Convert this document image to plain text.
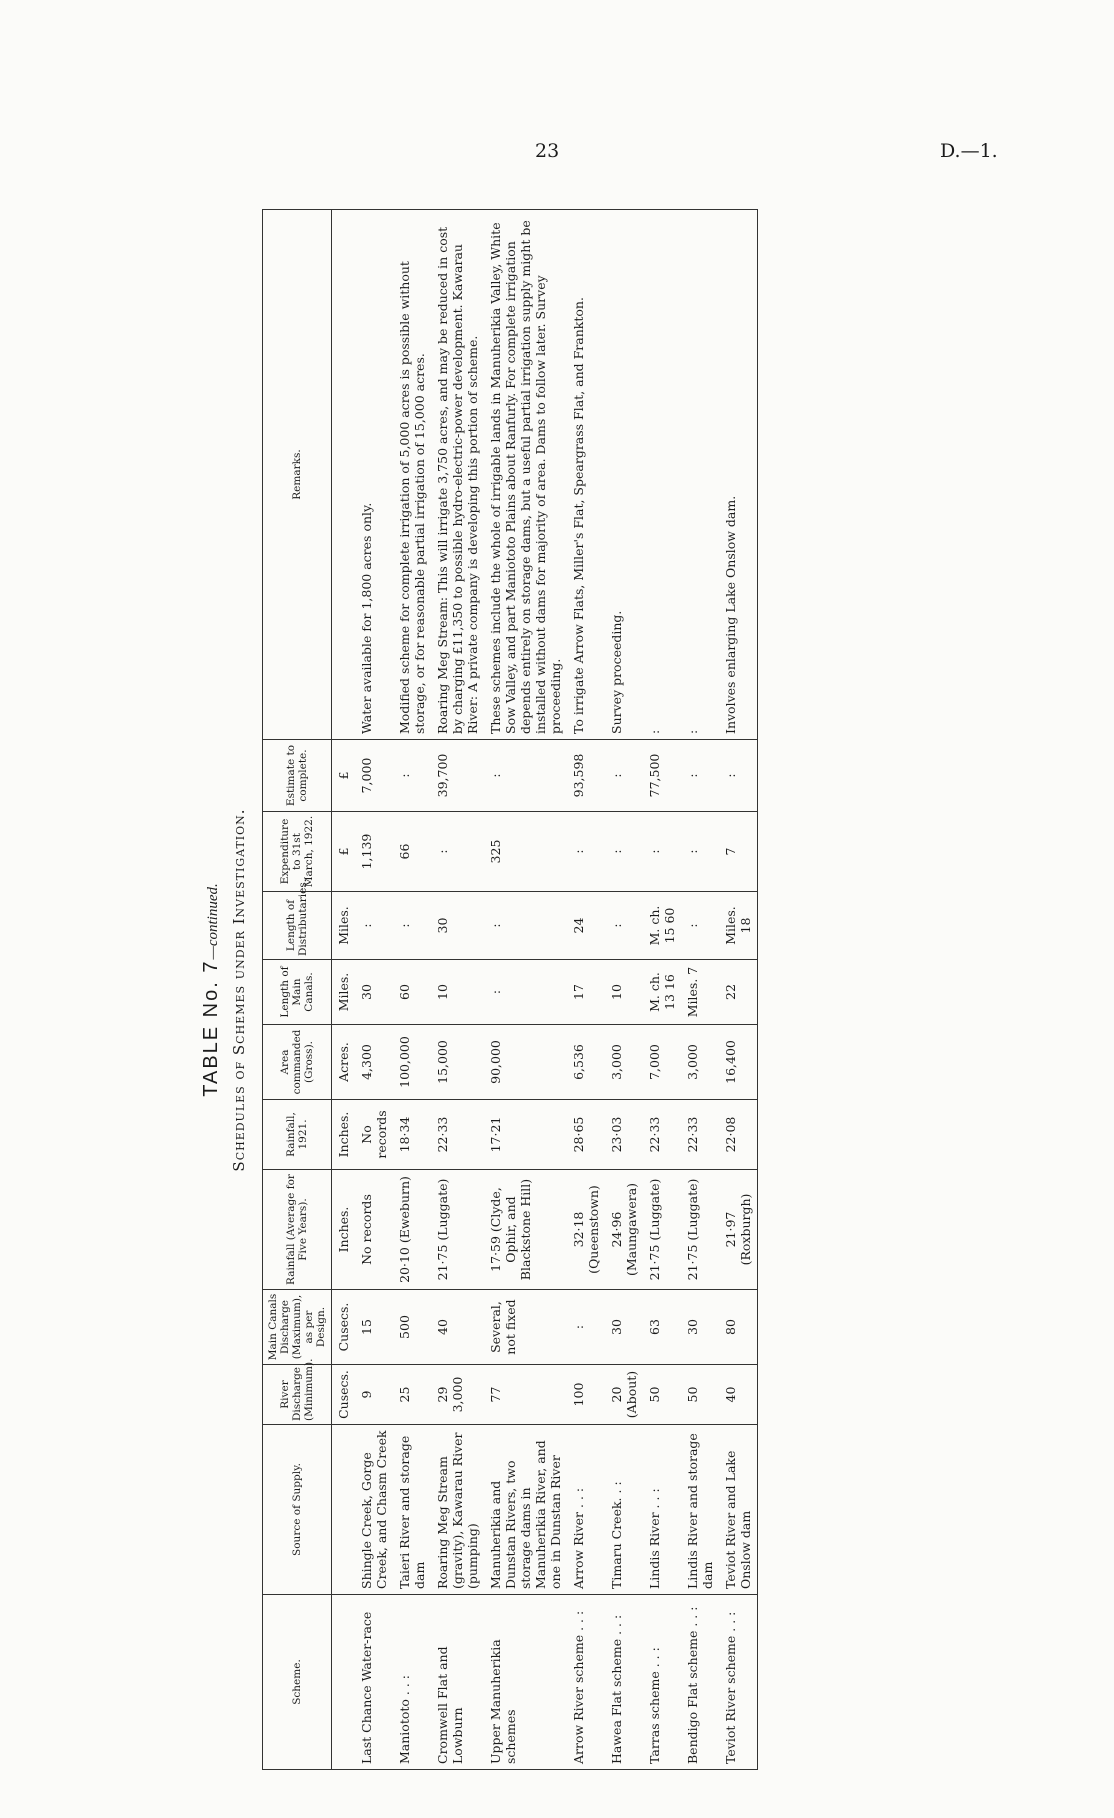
23	D.—1.
TABLE No. 7—continued. Schedules of Schemes under Investigation.
Scheme.	Source of Supply.	River Discharge (Minimum).	Main Canals Discharge (Maximum), as per Design.	Rainfall (Average for Five Years).	Rainfall, 1921.	Area commanded (Gross).	Length of Main Canals.	Length of Distributaries.	Expenditure to 31st March, 1922.	Estimate to complete.	Remarks.
		Cusecs.	Cusecs.	Inches.	Inches.	Acres.	Miles.	Miles.	£	£	
Last Chance Water-race	Shingle Creek, Gorge Creek, and Chasm Creek	9	15	No records	No records	4,300	30	:	1,139	7,000	Water available for 1,800 acres only.
Maniototo . . :	Taieri River and storage dam	25	500	20·10 (Eweburn)	18·34	100,000	60	:	66	:	Modified scheme for complete irrigation of 5,000 acres is possible without storage, or for reasonable partial irrigation of 15,000 acres.
Cromwell Flat and Lowburn	Roaring Meg Stream (gravity), Kawarau River (pumping)	29 3,000	40	21·75 (Luggate)	22·33	15,000	10	30	:	39,700	Roaring Meg Stream: This will irrigate 3,750 acres, and may be reduced in cost by charging £11,350 to possible hydro-electric-power development. Kawarau River: A private company is developing this portion of scheme.
Upper Manuherikia schemes	Manuherikia and Dunstan Rivers, two storage dams in Manuherikia River, and one in Dunstan River	77	Several, not fixed	17·59 (Clyde, Ophir, and Blackstone Hill)	17·21	90,000	:	:	325	:	These schemes include the whole of irrigable lands in Manuherikia Valley, White Sow Valley, and part Maniototo Plains about Ranfurly. For complete irrigation depends entirely on storage dams, but a useful partial irrigation supply might be installed without dams for majority of area. Dams to follow later. Survey proceeding.
Arrow River scheme . . :	Arrow River . . :	100	:	32·18 (Queenstown)	28·65	6,536	17	24	:	93,598	To irrigate Arrow Flats, Miller's Flat, Speargrass Flat, and Frankton.
Hawea Flat scheme . . :	Timaru Creek. . :	20 (About)	30	24·96 (Maungawera)	23·03	3,000	10	:	:	:	Survey proceeding.
Tarras scheme . . :	Lindis River . . :	50	63	21·75 (Luggate)	22·33	7,000	M. ch. 13 16	M. ch. 15 60	:	77,500	:
Bendigo Flat scheme . . :	Lindis River and storage dam	50	30	21·75 (Luggate)	22·33	3,000	Miles. 7	:	:	:	:
Teviot River scheme . . :	Teviot River and Lake Onslow dam	40	80	21·97 (Roxburgh)	22·08	16,400	22	Miles. 18	7	:	Involves enlarging Lake Onslow dam.
